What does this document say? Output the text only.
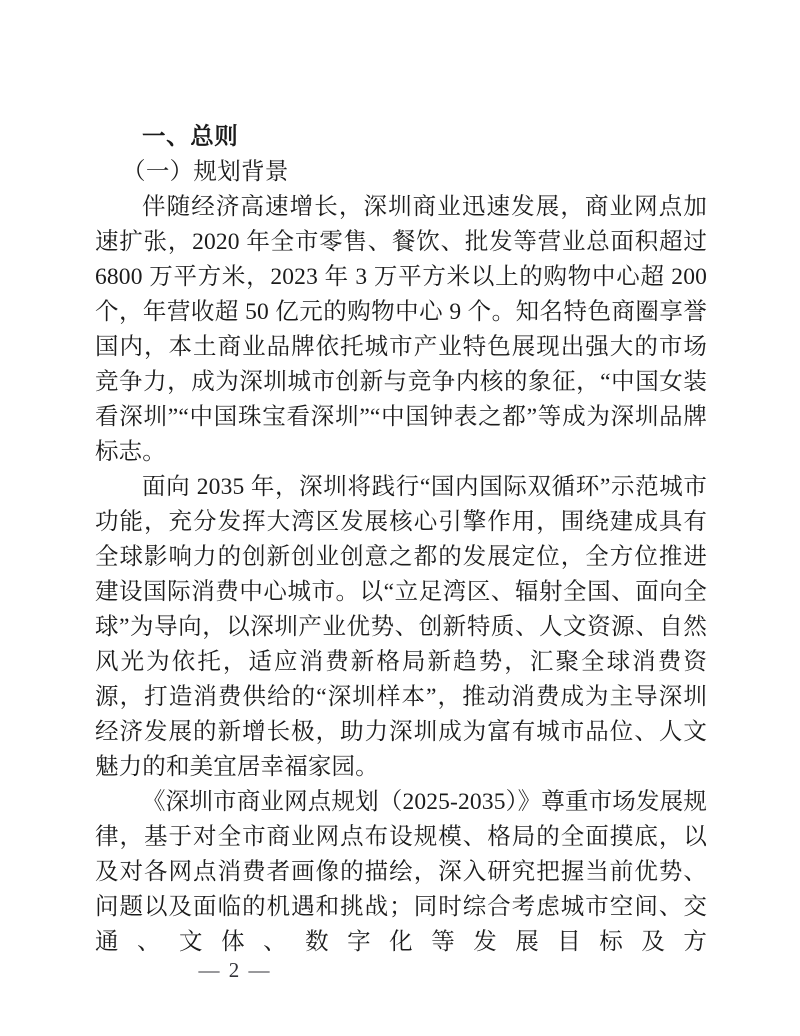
一、总则
（一）规划背景

伴随经济高速增长，深圳商业迅速发展，商业网点加速扩张，2020 年全市零售、餐饮、批发等营业总面积超过 6800 万平方米，2023 年 3 万平方米以上的购物中心超 200 个，年营收超 50 亿元的购物中心 9 个。知名特色商圈享誉国内，本土商业品牌依托城市产业特色展现出强大的市场竞争力，成为深圳城市创新与竞争内核的象征，“中国女装看深圳”“中国珠宝看深圳”“中国钟表之都”等成为深圳品牌标志。

面向 2035 年，深圳将践行“国内国际双循环”示范城市功能，充分发挥大湾区发展核心引擎作用，围绕建成具有全球影响力的创新创业创意之都的发展定位，全方位推进建设国际消费中心城市。以“立足湾区、辐射全国、面向全球”为导向，以深圳产业优势、创新特质、人文资源、自然风光为依托，适应消费新格局新趋势，汇聚全球消费资源，打造消费供给的“深圳样本”，推动消费成为主导深圳经济发展的新增长极，助力深圳成为富有城市品位、人文魅力的和美宜居幸福家园。

《深圳市商业网点规划（2025-2035）》尊重市场发展规律，基于对全市商业网点布设规模、格局的全面摸底，以及对各网点消费者画像的描绘，深入研究把握当前优势、问题以及面临的机遇和挑战；同时综合考虑城市空间、交通、文体、数字化等发展目标及方

— 2 —
